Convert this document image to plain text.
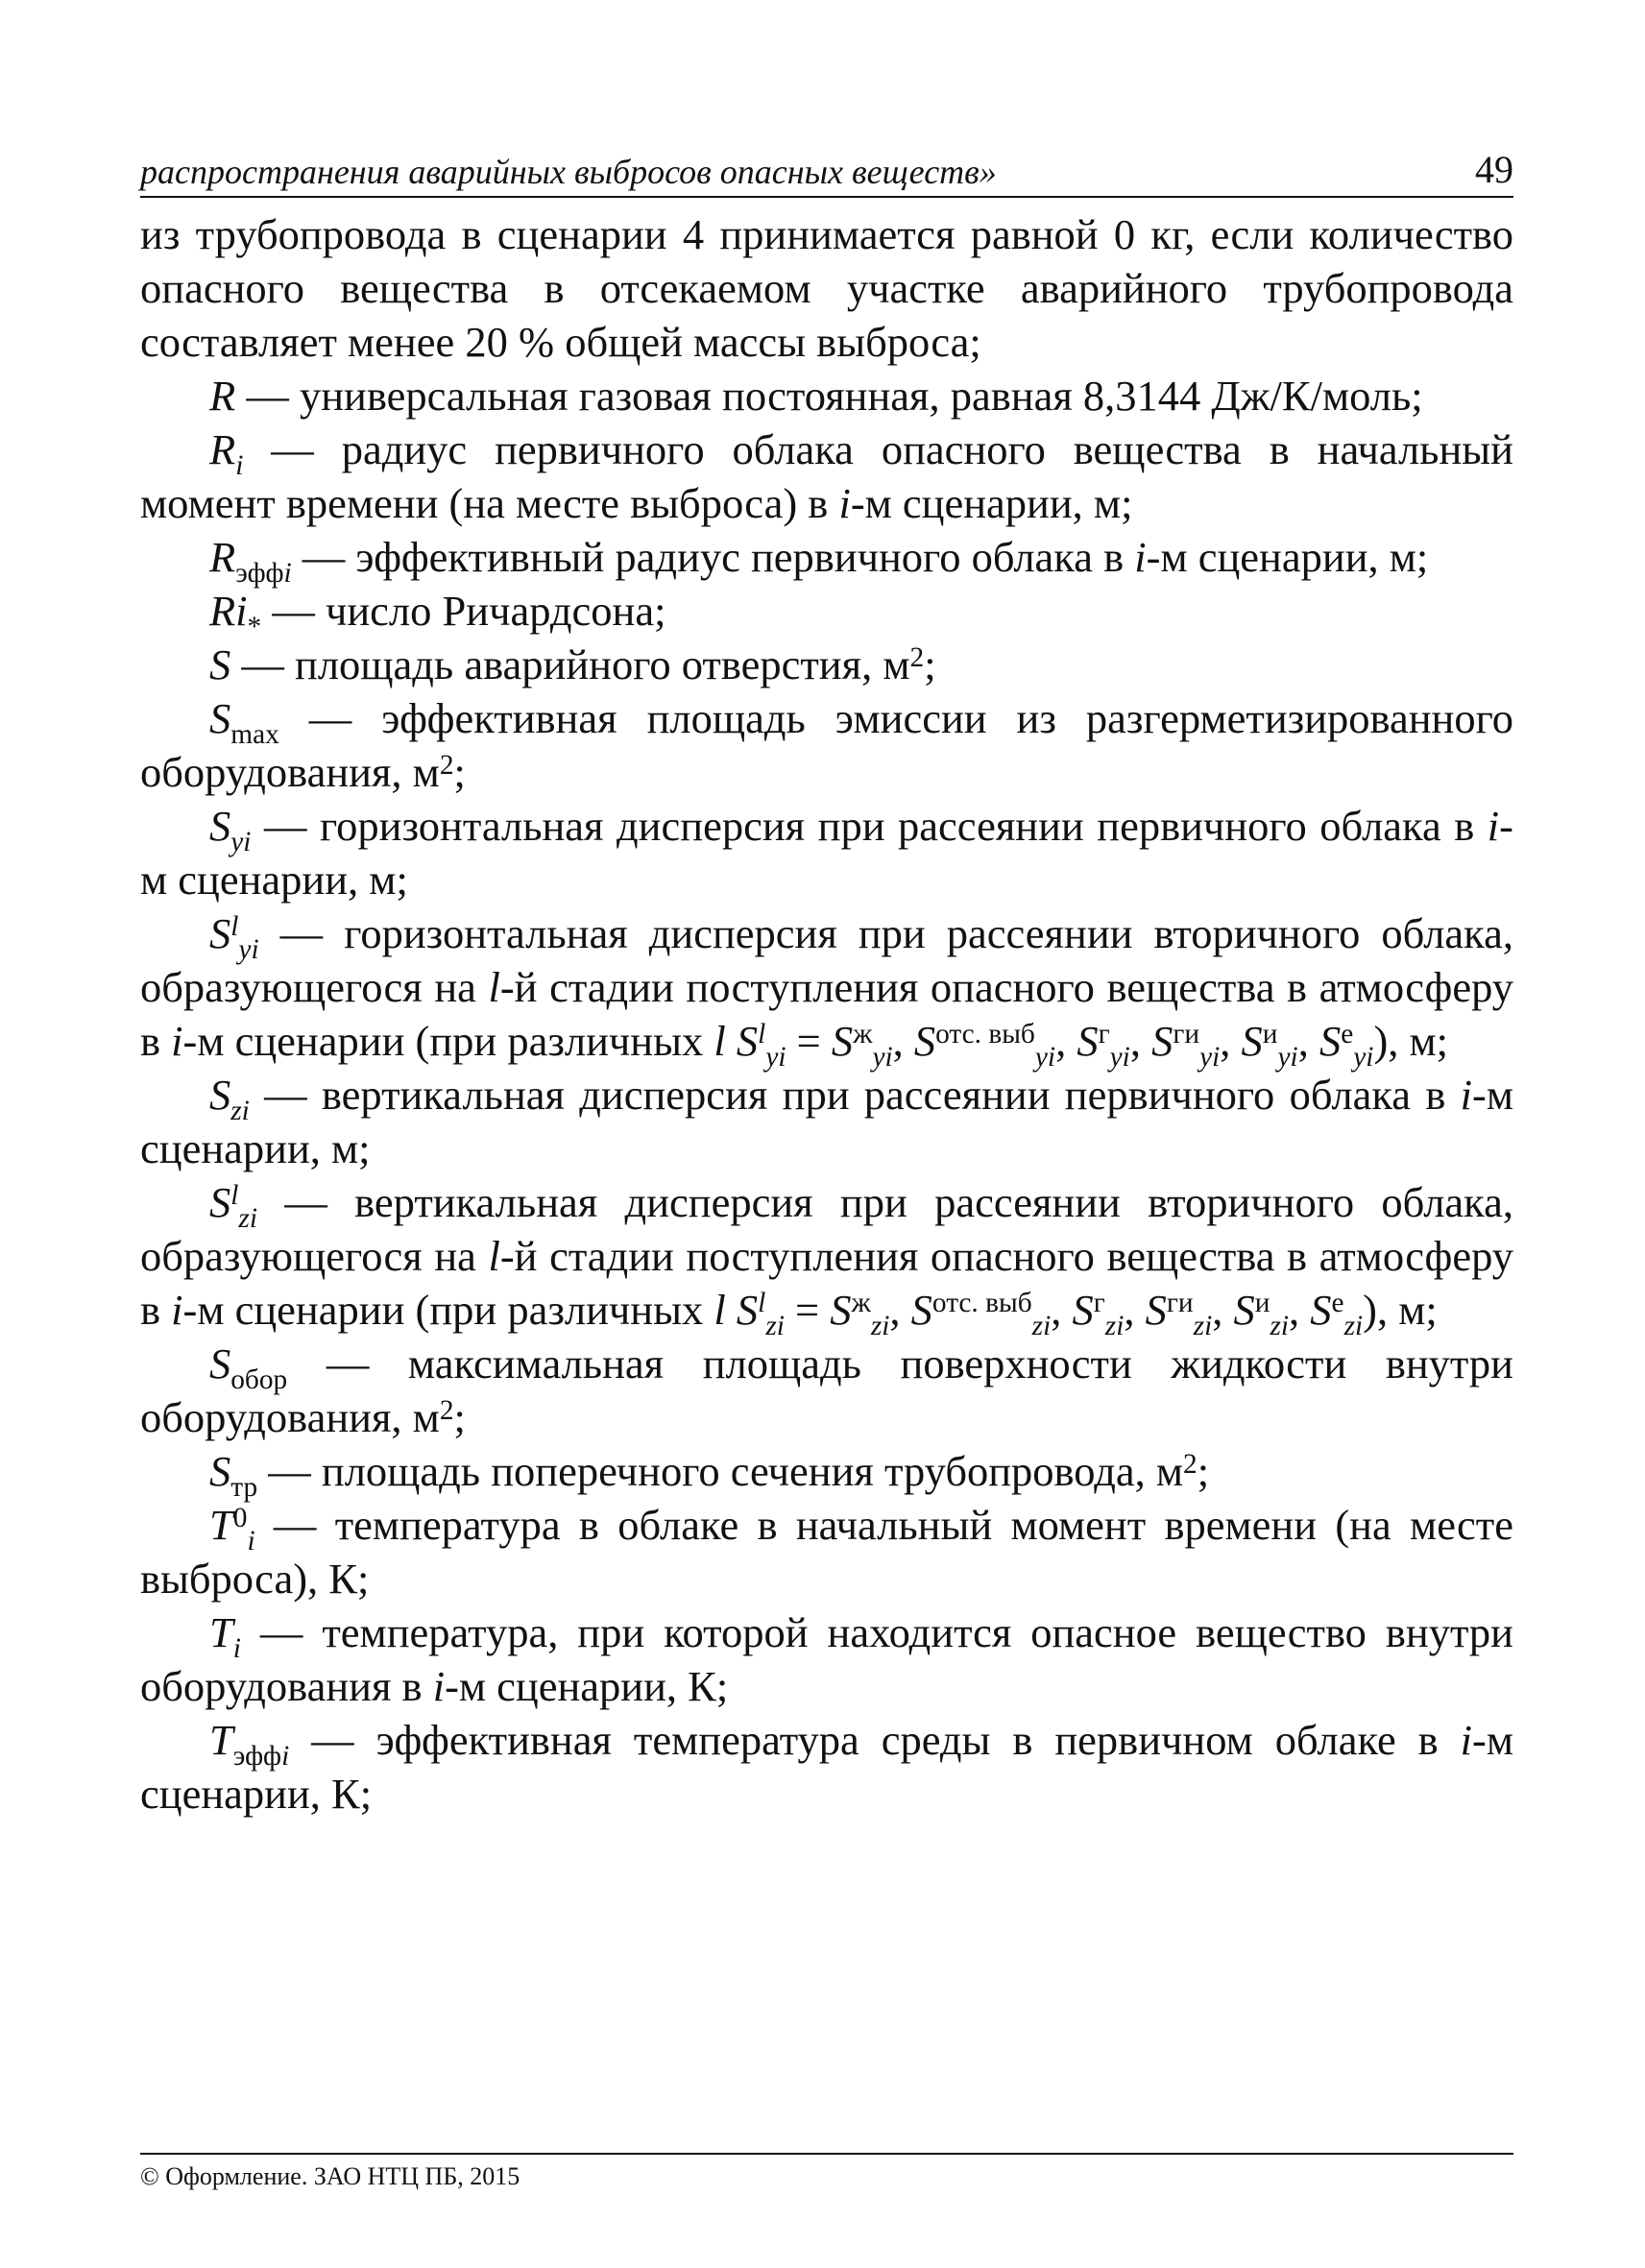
распространения аварийных выбросов опасных веществ»	49

из трубопровода в сценарии 4 принимается равной 0 кг, если количество опасного вещества в отсекаемом участке аварийного трубопровода составляет менее 20 % общей массы выброса;

R — универсальная газовая постоянная, равная 8,3144 Дж/К/моль;

$R_i$ — радиус первичного облака опасного вещества в начальный момент времени (на месте выброса) в i-м сценарии, м;

$R_{эффi}$ — эффективный радиус первичного облака в i-м сценарии, м;

$Ri_*$ — число Ричардсона;

S — площадь аварийного отверстия, $м^2$;

$S_{max}$ — эффективная площадь эмиссии из разгерметизированного оборудования, $м^2$;

$S_{yi}$ — горизонтальная дисперсия при рассеянии первичного облака в i-м сценарии, м;

$S^l_{yi}$ — горизонтальная дисперсия при рассеянии вторичного облака, образующегося на l-й стадии поступления опасного вещества в атмосферу в i-м сценарии (при различных l $S^l_{yi} = S^ж_{yi}$, $S^{отс. выб}_{yi}$, $S^г_{yi}$, $S^{ги}_{yi}$, $S^и_{yi}$, $S^е_{yi}$), м;

$S_{zi}$ — вертикальная дисперсия при рассеянии первичного облака в i-м сценарии, м;

$S^l_{zi}$ — вертикальная дисперсия при рассеянии вторичного облака, образующегося на l-й стадии поступления опасного вещества в атмосферу в i-м сценарии (при различных l $S^l_{zi} = S^ж_{zi}$, $S^{отс. выб}_{zi}$, $S^г_{zi}$, $S^{ги}_{zi}$, $S^и_{zi}$, $S^е_{zi}$), м;

$S_{обор}$ — максимальная площадь поверхности жидкости внутри оборудования, $м^2$;

$S_{тр}$ — площадь поперечного сечения трубопровода, $м^2$;

$T^0_i$ — температура в облаке в начальный момент времени (на месте выброса), К;

$T_i$ — температура, при которой находится опасное вещество внутри оборудования в i-м сценарии, К;

$T_{эффi}$ — эффективная температура среды в первичном облаке в i-м сценарии, К;

© Оформление. ЗАО НТЦ ПБ, 2015
